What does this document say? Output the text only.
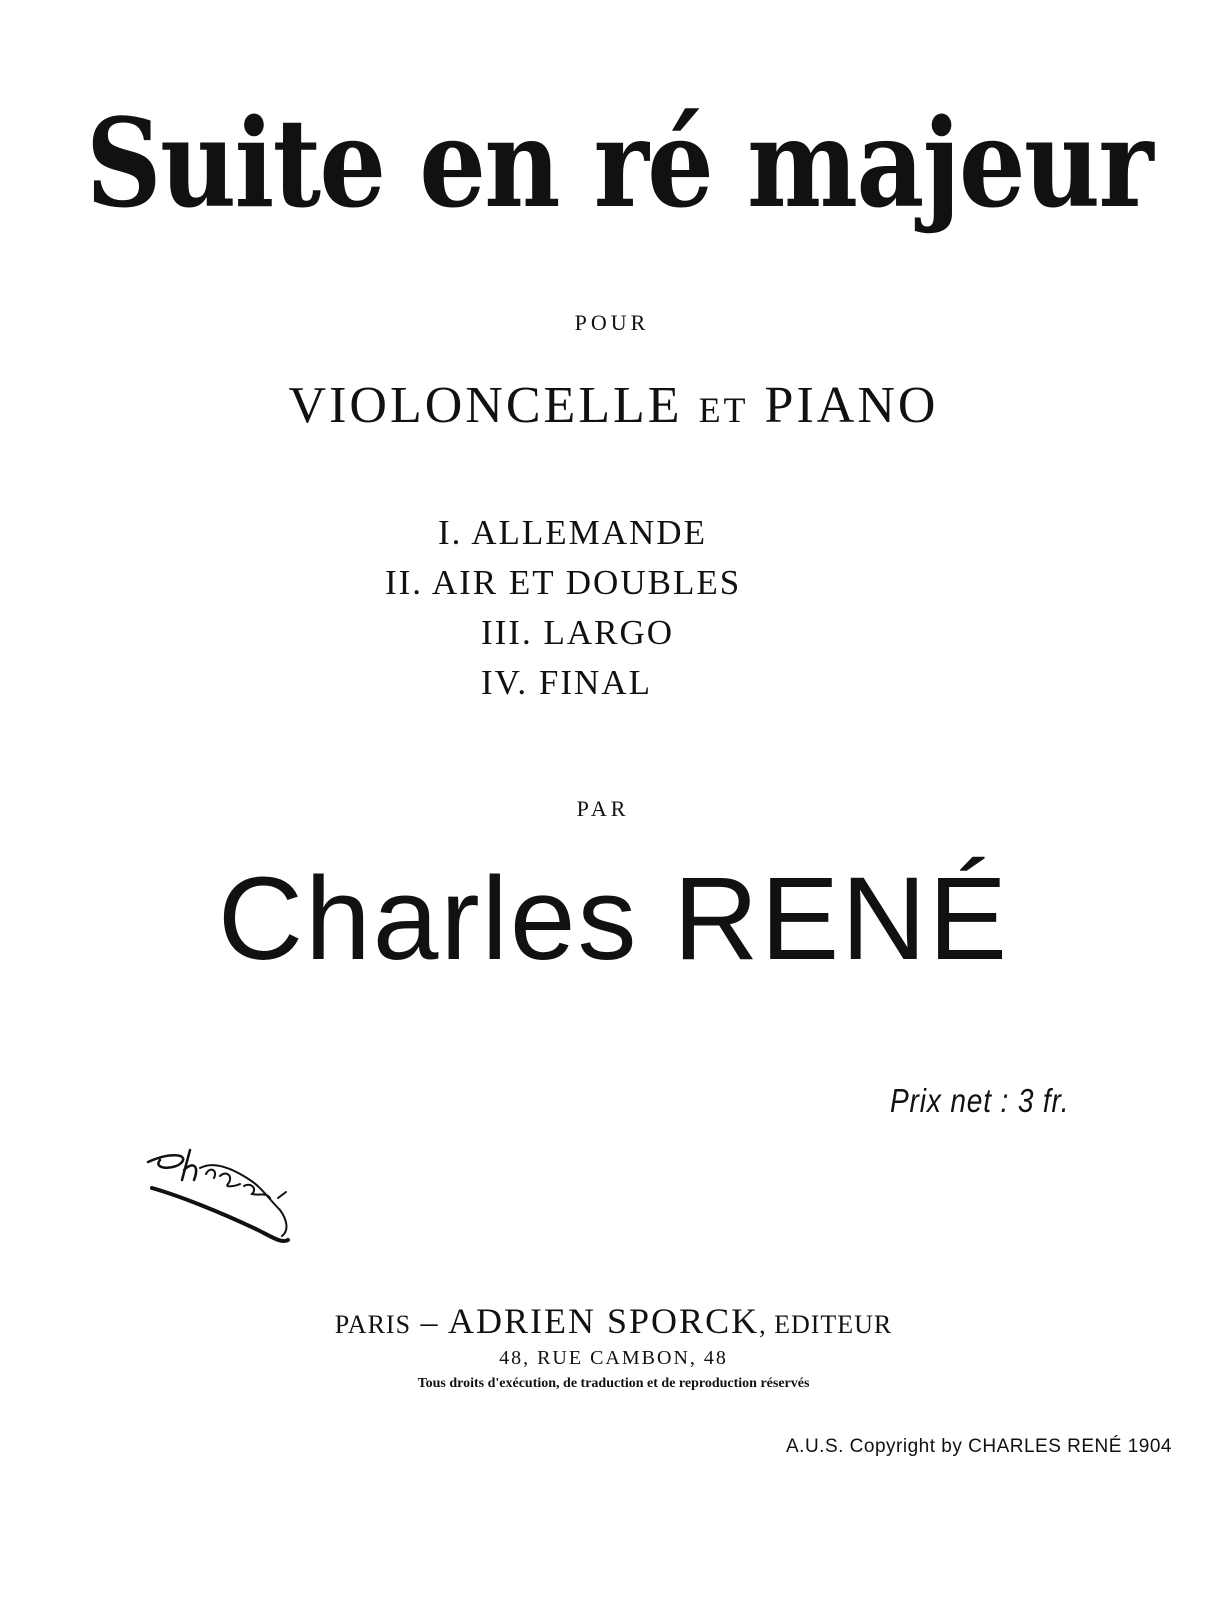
Suite en ré majeur
POUR
VIOLONCELLE ET PIANO
I. ALLEMANDE
II. AIR ET DOUBLES
III. LARGO
IV. FINAL
PAR
Charles RENÉ
Prix net : 3 fr.
PARIS – ADRIEN SPORCK, EDITEUR
48, RUE CAMBON, 48
Tous droits d'exécution, de traduction et de reproduction réservés
A.U.S. Copyright by CHARLES RENÉ 1904
